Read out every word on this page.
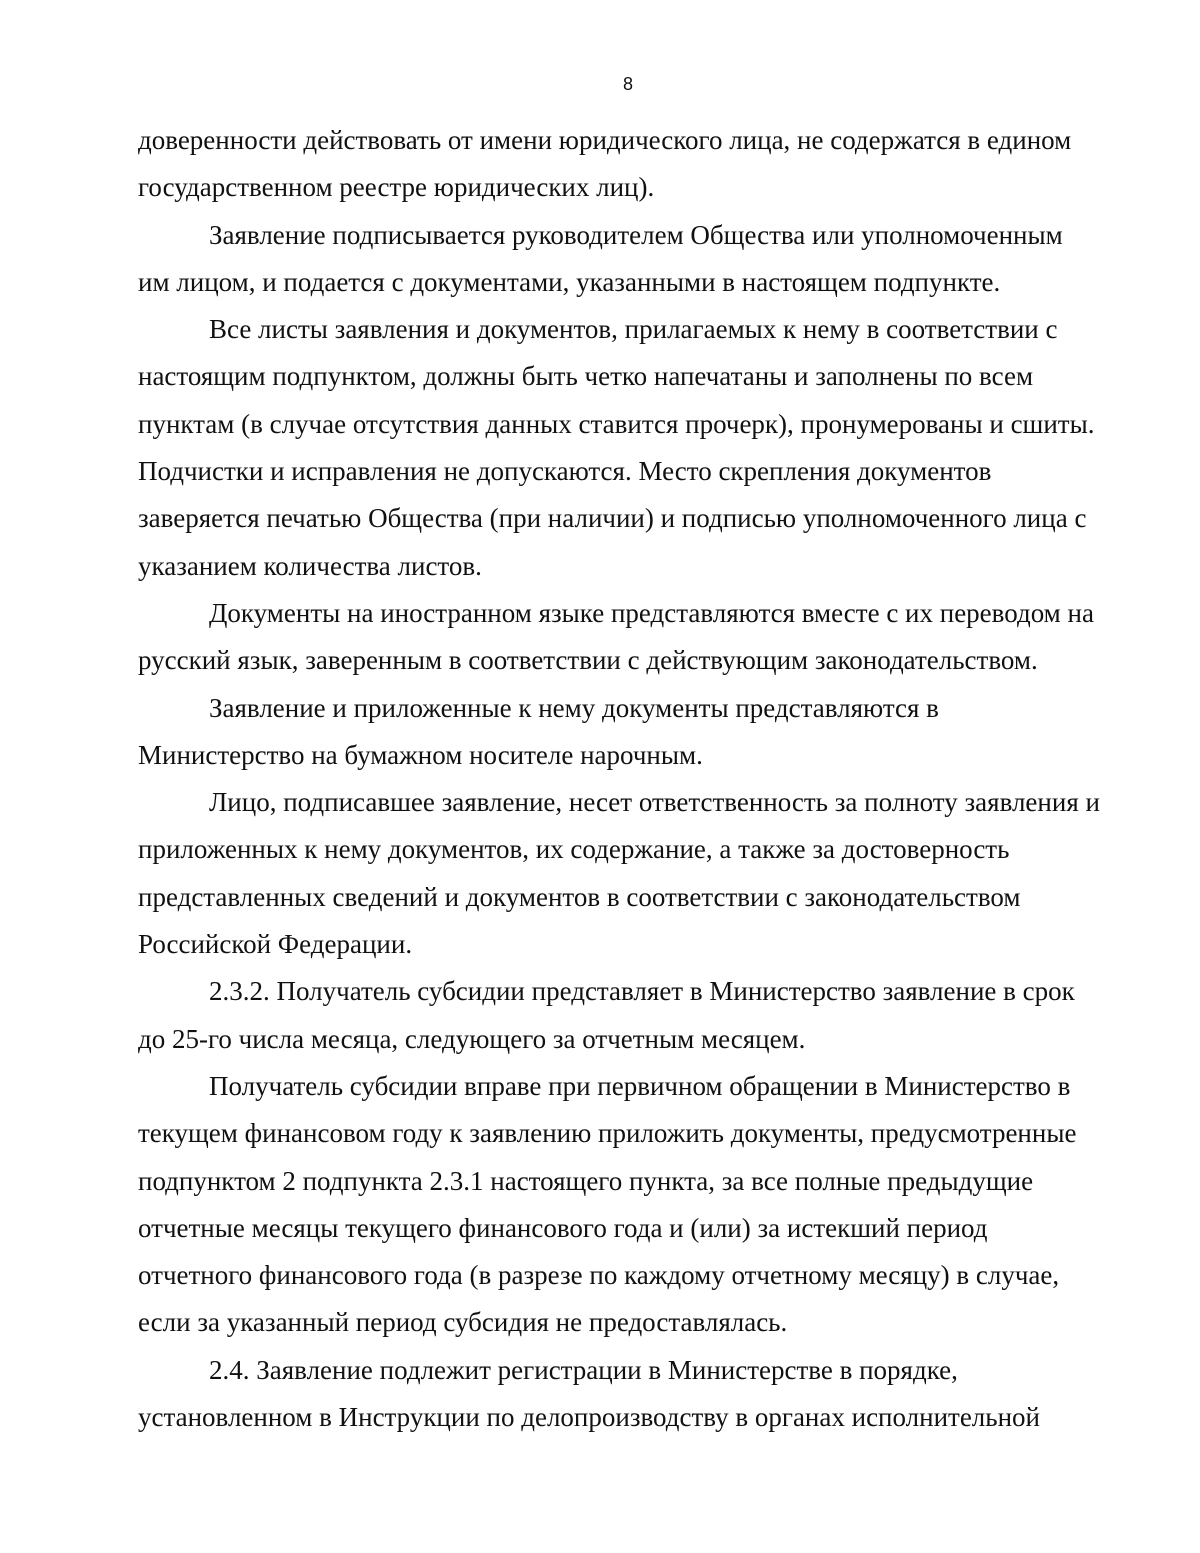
8

доверенности действовать от имени юридического лица, не содержатся в едином
государственном реестре юридических лиц).

Заявление подписывается руководителем Общества или уполномоченным
им лицом, и подается с документами, указанными в настоящем подпункте.

Все листы заявления и документов, прилагаемых к нему в соответствии с
настоящим подпунктом, должны быть четко напечатаны и заполнены по всем
пунктам (в случае отсутствия данных ставится прочерк), пронумерованы и сшиты.
Подчистки и исправления не допускаются. Место скрепления документов
заверяется печатью Общества (при наличии) и подписью уполномоченного лица с
указанием количества листов.

Документы на иностранном языке представляются вместе с их переводом на
русский язык, заверенным в соответствии с действующим законодательством.

Заявление и приложенные к нему документы представляются в
Министерство на бумажном носителе нарочным.

Лицо, подписавшее заявление, несет ответственность за полноту заявления и
приложенных к нему документов, их содержание, а также за достоверность
представленных сведений и документов в соответствии с законодательством
Российской Федерации.

2.3.2. Получатель субсидии представляет в Министерство заявление в срок
до 25-го числа месяца, следующего за отчетным месяцем.

Получатель субсидии вправе при первичном обращении в Министерство в
текущем финансовом году к заявлению приложить документы, предусмотренные
подпунктом 2 подпункта 2.3.1 настоящего пункта, за все полные предыдущие
отчетные месяцы текущего финансового года и (или) за истекший период
отчетного финансового года (в разрезе по каждому отчетному месяцу) в случае,
если за указанный период субсидия не предоставлялась.

2.4. Заявление подлежит регистрации в Министерстве в порядке,
установленном в Инструкции по делопроизводству в органах исполнительной
